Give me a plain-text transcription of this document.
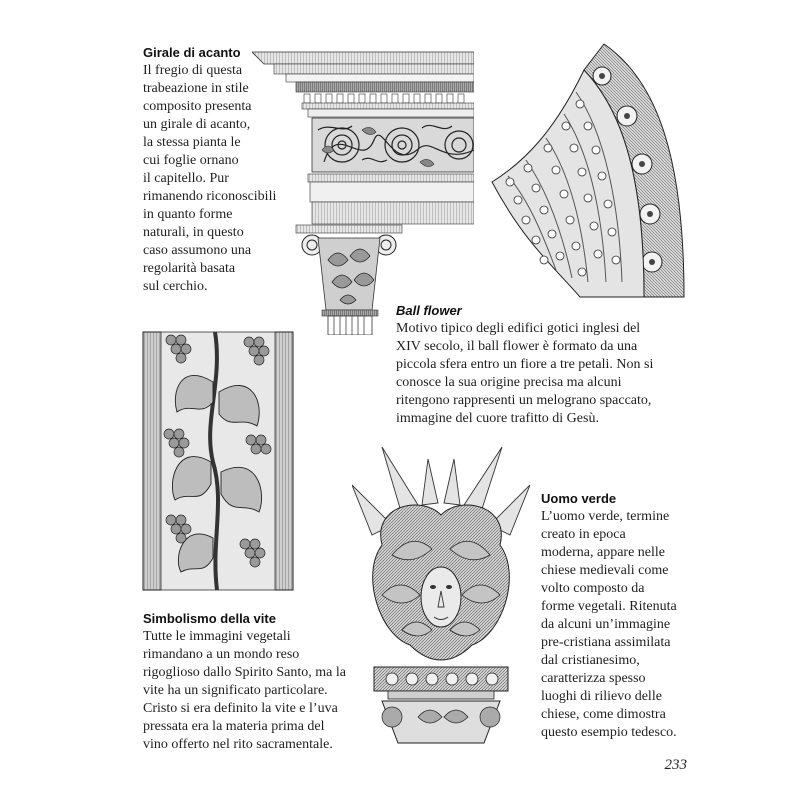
Girale di acanto

Il fregio di questa

trabeazione in stile

composito presenta

un girale di acanto,

la stessa pianta le

cui foglie ornano

il capitello. Pur

rimanendo riconoscibili

in quanto forme

naturali, in questo

caso assumono una

regolarità basata

sul cerchio.

Ball flower

Motivo tipico degli edifici gotici inglesi del

XIV secolo, il ball flower è formato da una

piccola sfera entro un fiore a tre petali. Non si

conosce la sua origine precisa ma alcuni

ritengono rappresenti un melograno spaccato,

immagine del cuore trafitto di Gesù.

Uomo verde

L’uomo verde, termine

creato in epoca

moderna, appare nelle

chiese medievali come

volto composto da

forme vegetali. Ritenuta

da alcuni un’immagine

pre-cristiana assimilata

dal cristianesimo,

caratterizza spesso

luoghi di rilievo delle

chiese, come dimostra

questo esempio tedesco.

Simbolismo della vite

Tutte le immagini vegetali

rimandano a un mondo reso

rigoglioso dallo Spirito Santo, ma la

vite ha un significato particolare.

Cristo si era definito la vite e l’uva

pressata era la materia prima del

vino offerto nel rito sacramentale.

233
